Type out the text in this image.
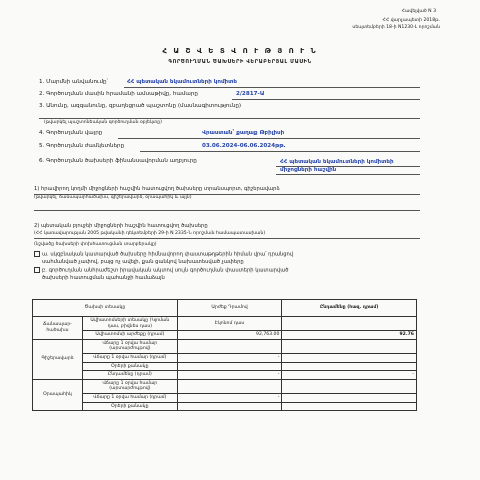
Հավելված N 3
ՀՀ վարչապետի 2018թ.
սեպտեմբերի 18-ի N1230-Լ որոշման
Հ Ա Շ Վ Ե Տ Վ Ո Ւ Թ Յ Ո Ւ Ն
ԳՈՐԾՈՒՂՄԱՆ ԾԱԽՍԵՐԻ ՎԵՐԱԲԵՐՅԱԼ ՄԱՍԻՆ
1. Մարմնի անվանումը՝	ՀՀ պետական եկամուտների կոմիտե
2. Գործուղման մասին հրամանի ամսաթիվը, համարը	2/2817-Ա
3. Անունը, ազգանունը, զբաղեցրած պաշտոնը (մասնագիտությունը)
(թվարկել պաշտոնեական գործուղման օբյեկտը)
4. Գործուղման վայրը	Վրաստան՝ քաղաք Թբիլիսի
5. Գործուղման ժամկետները	03.06.2024-06.06.2024թթ.
6. Գործուղման ծախսերի ֆինանսավորման աղբյուրը	ՀՀ պետական եկամուտների կոմիտեի միջոցների հաշվին
1) հրավիրող կողմի միջոցների հաշվին հատուցվող ծախսերը տրանսպորտ, գիշերավարձ
(թվարկել՝ ճանապարհածախս, գիշերավարձ, օրապահիկ և այլն)
2) պետական բյուջեի միջոցների հաշվին հատուցվող ծախսերը
(ՀՀ կառավարության 2005 թվականի դեկտեմբերի 29-ի N 2335-Ն որոշման համապատասխան)
(նշվածը ծախսերի փոխհատուցման տարբերակը)
ա. սկզբնական կատարված ծախսերը հիմնավորող փաստաթղթերին հիման վրա՝ դրանցով
սահմանված չափով, բայց ոչ ավելի, քան ցանկով նախատեսված չափերը
բ. գործուղման անհրաժեշտ իրավական ակտով սույն գործուղման փաստերի կատարված
ծախսերի հատուցման պահանջի համաձայն
Ծախսի տեսակը		Արժեք Դրամով	Ընդամենը (հազ. դրամ)
Ճանապար-հածախս	Ավիատոմսերի տեսակը (Կլոման դաս, բիզնես դաս)	Էկոնոմ դաս	
	Ավիատոմսի արժեքը (դրամ)	92,763.00	92.76
Գիշերավարձ	Վճարը 1 օրվա համար (արտարժույթով)		
	Վճարը 1 օրվա համար (դրամ)	-	
	Օրերի քանակը		
	Ընդամենը (դրամ)	-	-
Օրապահիկ	Վճարը 1 օրվա համար (արտարժույթով)		
	Վճարը 1 օրվա համար (դրամ)	-	
	Օրերի քանակը		
